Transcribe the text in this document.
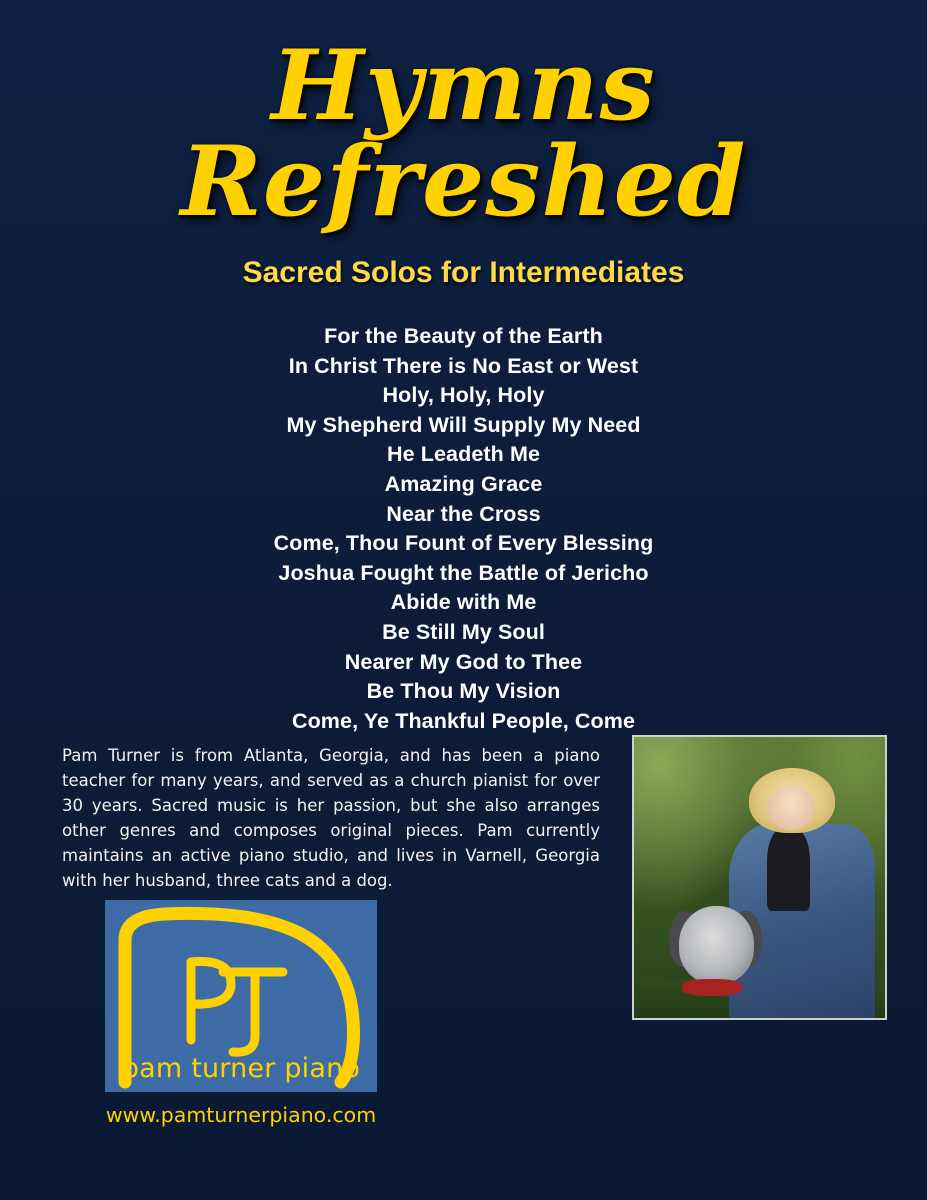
Hymns Refreshed
Sacred Solos for Intermediates
For the Beauty of the Earth
In Christ There is No East or West
Holy, Holy, Holy
My Shepherd Will Supply My Need
He Leadeth Me
Amazing Grace
Near the Cross
Come, Thou Fount of Every Blessing
Joshua Fought the Battle of Jericho
Abide with Me
Be Still My Soul
Nearer My God to Thee
Be Thou My Vision
Come, Ye Thankful People, Come
Pam Turner is from Atlanta, Georgia, and has been a piano teacher for many years, and served as a church pianist for over 30 years. Sacred music is her passion, but she also arranges other genres and composes original pieces. Pam currently maintains an active piano studio, and lives in Varnell, Georgia with her husband, three cats and a dog.
pam turner piano
www.pamturnerpiano.com
